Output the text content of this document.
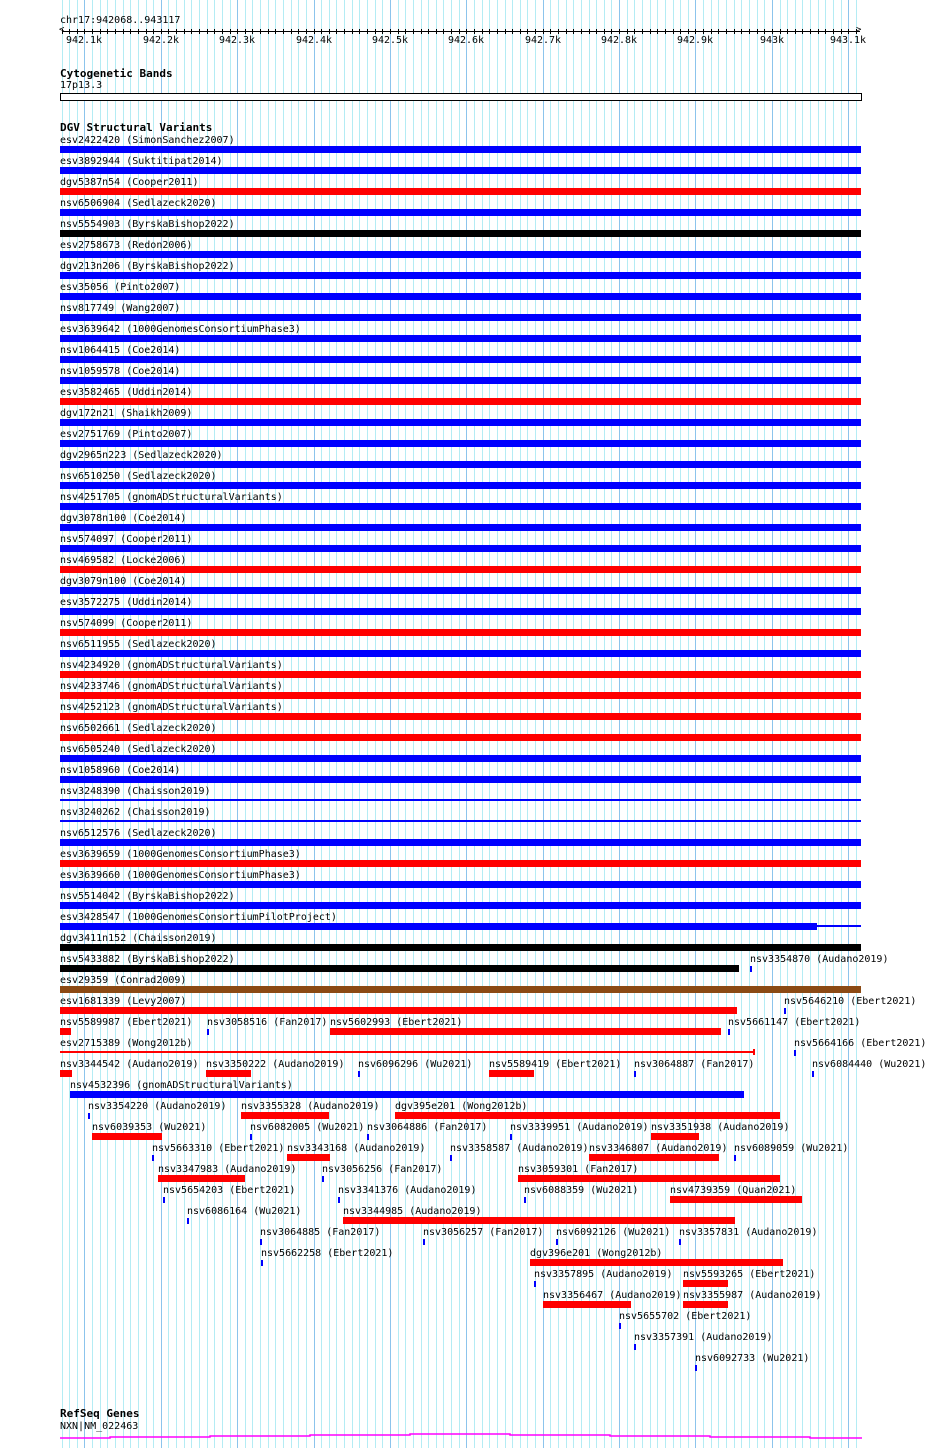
chr17:942068..943117
<	>
942.1k	942.2k	942.3k	942.4k	942.5k	942.6k	942.7k	942.8k	942.9k	943k	943.1k
Cytogenetic Bands
17p13.3
DGV Structural Variants
esv2422420 (SimonSanchez2007)
esv3892944 (Suktitipat2014)
dgv5387n54 (Cooper2011)
nsv6506904 (Sedlazeck2020)
nsv5554903 (ByrskaBishop2022)
esv2758673 (Redon2006)
dgv213n206 (ByrskaBishop2022)
esv35056 (Pinto2007)
nsv817749 (Wang2007)
esv3639642 (1000GenomesConsortiumPhase3)
nsv1064415 (Coe2014)
nsv1059578 (Coe2014)
esv3582465 (Uddin2014)
dgv172n21 (Shaikh2009)
esv2751769 (Pinto2007)
dgv2965n223 (Sedlazeck2020)
nsv6510250 (Sedlazeck2020)
nsv4251705 (gnomADStructuralVariants)
dgv3078n100 (Coe2014)
nsv574097 (Cooper2011)
nsv469582 (Locke2006)
dgv3079n100 (Coe2014)
esv3572275 (Uddin2014)
nsv574099 (Cooper2011)
nsv6511955 (Sedlazeck2020)
nsv4234920 (gnomADStructuralVariants)
nsv4233746 (gnomADStructuralVariants)
nsv4252123 (gnomADStructuralVariants)
nsv6502661 (Sedlazeck2020)
nsv6505240 (Sedlazeck2020)
nsv1058960 (Coe2014)
nsv3248390 (Chaisson2019)
nsv3240262 (Chaisson2019)
nsv6512576 (Sedlazeck2020)
esv3639659 (1000GenomesConsortiumPhase3)
esv3639660 (1000GenomesConsortiumPhase3)
nsv5514042 (ByrskaBishop2022)
esv3428547 (1000GenomesConsortiumPilotProject)
dgv3411n152 (Chaisson2019)
nsv5433882 (ByrskaBishop2022)	nsv3354870 (Audano2019)
esv29359 (Conrad2009)
esv1681339 (Levy2007)	nsv5646210 (Ebert2021)
nsv5589987 (Ebert2021) nsv3058516 (Fan2017) nsv5602993 (Ebert2021)	nsv5661147 (Ebert2021)
esv2715389 (Wong2012b)	nsv5664166 (Ebert2021)
nsv3344542 (Audano2019) nsv3350222 (Audano2019) nsv6096296 (Wu2021) nsv5589419 (Ebert2021) nsv3064887 (Fan2017)	nsv6084440 (Wu2021)
nsv4532396 (gnomADStructuralVariants)
nsv3354220 (Audano2019) nsv3355328 (Audano2019) dgv395e201 (Wong2012b)
nsv6039353 (Wu2021)	nsv6082005 (Wu2021) nsv3064886 (Fan2017) nsv3339951 (Audano2019) nsv3351938 (Audano2019)
nsv5663310 (Ebert2021) nsv3343168 (Audano2019) nsv3358587 (Audano2019) nsv3346807 (Audano2019) nsv6089059 (Wu2021)
nsv3347983 (Audano2019)	nsv3056256 (Fan2017)	nsv3059301 (Fan2017)
nsv5654203 (Ebert2021)	nsv3341376 (Audano2019)	nsv6088359 (Wu2021)	nsv4739359 (Quan2021)
nsv6086164 (Wu2021)	nsv3344985 (Audano2019)
nsv3064885 (Fan2017)	nsv3056257 (Fan2017) nsv6092126 (Wu2021) nsv3357831 (Audano2019)
nsv5662258 (Ebert2021)	dgv396e201 (Wong2012b)
nsv3357895 (Audano2019) nsv5593265 (Ebert2021)
nsv3356467 (Audano2019) nsv3355987 (Audano2019)
nsv5655702 (Ebert2021)
nsv3357391 (Audano2019)
nsv6092733 (Wu2021)
RefSeq Genes
NXN|NM_022463
